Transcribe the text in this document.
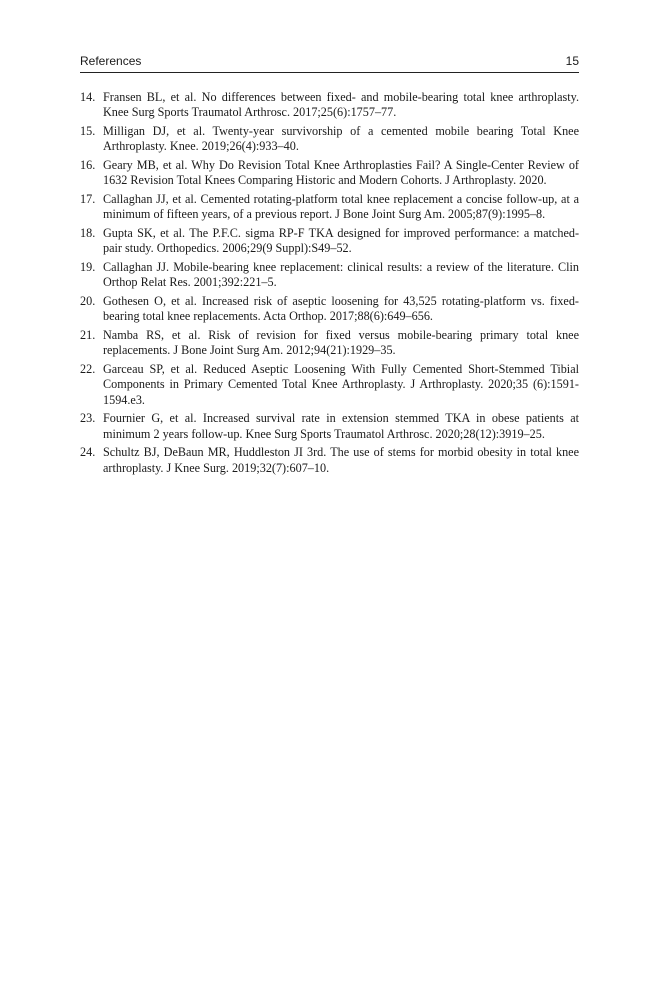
References	15
14. Fransen BL, et al. No differences between fixed- and mobile-bearing total knee arthroplasty. Knee Surg Sports Traumatol Arthrosc. 2017;25(6):1757–77.
15. Milligan DJ, et al. Twenty-year survivorship of a cemented mobile bearing Total Knee Arthroplasty. Knee. 2019;26(4):933–40.
16. Geary MB, et al. Why Do Revision Total Knee Arthroplasties Fail? A Single-Center Review of 1632 Revision Total Knees Comparing Historic and Modern Cohorts. J Arthroplasty. 2020.
17. Callaghan JJ, et al. Cemented rotating-platform total knee replacement a concise follow-up, at a minimum of fifteen years, of a previous report. J Bone Joint Surg Am. 2005;87(9):1995–8.
18. Gupta SK, et al. The P.F.C. sigma RP-F TKA designed for improved performance: a matched-pair study. Orthopedics. 2006;29(9 Suppl):S49–52.
19. Callaghan JJ. Mobile-bearing knee replacement: clinical results: a review of the literature. Clin Orthop Relat Res. 2001;392:221–5.
20. Gothesen O, et al. Increased risk of aseptic loosening for 43,525 rotating-platform vs. fixed-bearing total knee replacements. Acta Orthop. 2017;88(6):649–656.
21. Namba RS, et al. Risk of revision for fixed versus mobile-bearing primary total knee replacements. J Bone Joint Surg Am. 2012;94(21):1929–35.
22. Garceau SP, et al. Reduced Aseptic Loosening With Fully Cemented Short-Stemmed Tibial Components in Primary Cemented Total Knee Arthroplasty. J Arthroplasty. 2020;35 (6):1591-1594.e3.
23. Fournier G, et al. Increased survival rate in extension stemmed TKA in obese patients at minimum 2 years follow-up. Knee Surg Sports Traumatol Arthrosc. 2020;28(12):3919–25.
24. Schultz BJ, DeBaun MR, Huddleston JI 3rd. The use of stems for morbid obesity in total knee arthroplasty. J Knee Surg. 2019;32(7):607–10.
